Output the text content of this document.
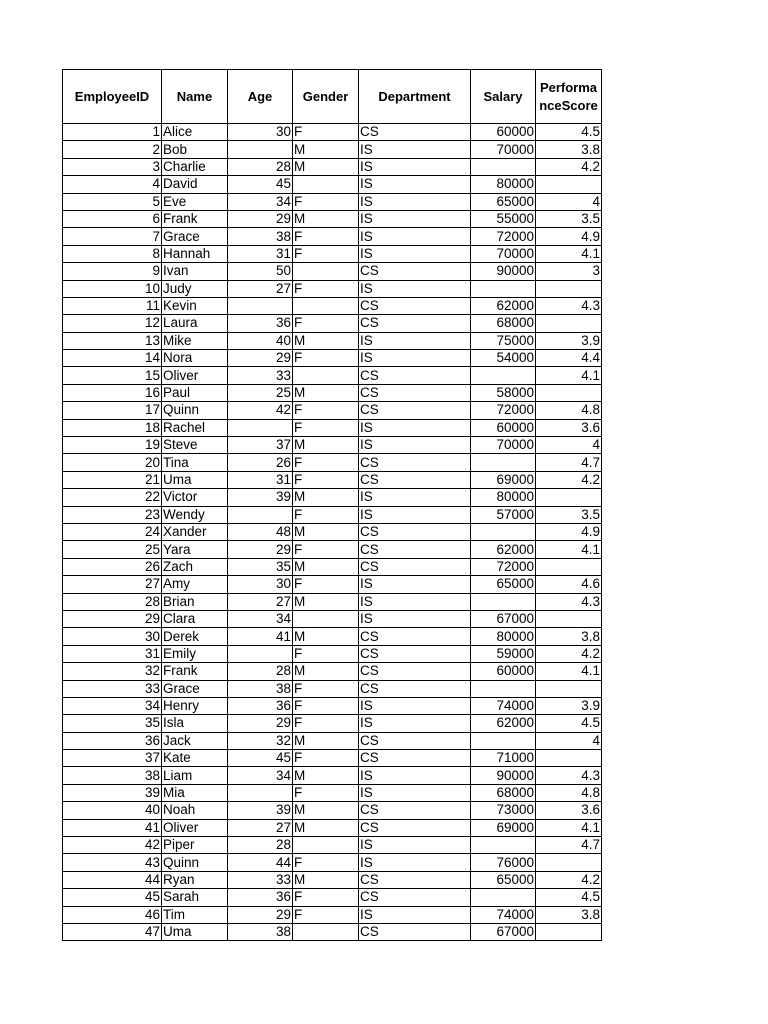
EmployeeID	Name	Age	Gender	Department	Salary	PerformanceScore
1	Alice	30	F	CS	60000	4.5
2	Bob		M	IS	70000	3.8
3	Charlie	28	M	IS		4.2
4	David	45		IS	80000	
5	Eve	34	F	IS	65000	4
6	Frank	29	M	IS	55000	3.5
7	Grace	38	F	IS	72000	4.9
8	Hannah	31	F	IS	70000	4.1
9	Ivan	50		CS	90000	3
10	Judy	27	F	IS		
11	Kevin			CS	62000	4.3
12	Laura	36	F	CS	68000	
13	Mike	40	M	IS	75000	3.9
14	Nora	29	F	IS	54000	4.4
15	Oliver	33		CS		4.1
16	Paul	25	M	CS	58000	
17	Quinn	42	F	CS	72000	4.8
18	Rachel		F	IS	60000	3.6
19	Steve	37	M	IS	70000	4
20	Tina	26	F	CS		4.7
21	Uma	31	F	CS	69000	4.2
22	Victor	39	M	IS	80000	
23	Wendy		F	IS	57000	3.5
24	Xander	48	M	CS		4.9
25	Yara	29	F	CS	62000	4.1
26	Zach	35	M	CS	72000	
27	Amy	30	F	IS	65000	4.6
28	Brian	27	M	IS		4.3
29	Clara	34		IS	67000	
30	Derek	41	M	CS	80000	3.8
31	Emily		F	CS	59000	4.2
32	Frank	28	M	CS	60000	4.1
33	Grace	38	F	CS		
34	Henry	36	F	IS	74000	3.9
35	Isla	29	F	IS	62000	4.5
36	Jack	32	M	CS		4
37	Kate	45	F	CS	71000	
38	Liam	34	M	IS	90000	4.3
39	Mia		F	IS	68000	4.8
40	Noah	39	M	CS	73000	3.6
41	Oliver	27	M	CS	69000	4.1
42	Piper	28		IS		4.7
43	Quinn	44	F	IS	76000	
44	Ryan	33	M	CS	65000	4.2
45	Sarah	36	F	CS		4.5
46	Tim	29	F	IS	74000	3.8
47	Uma	38		CS	67000	
